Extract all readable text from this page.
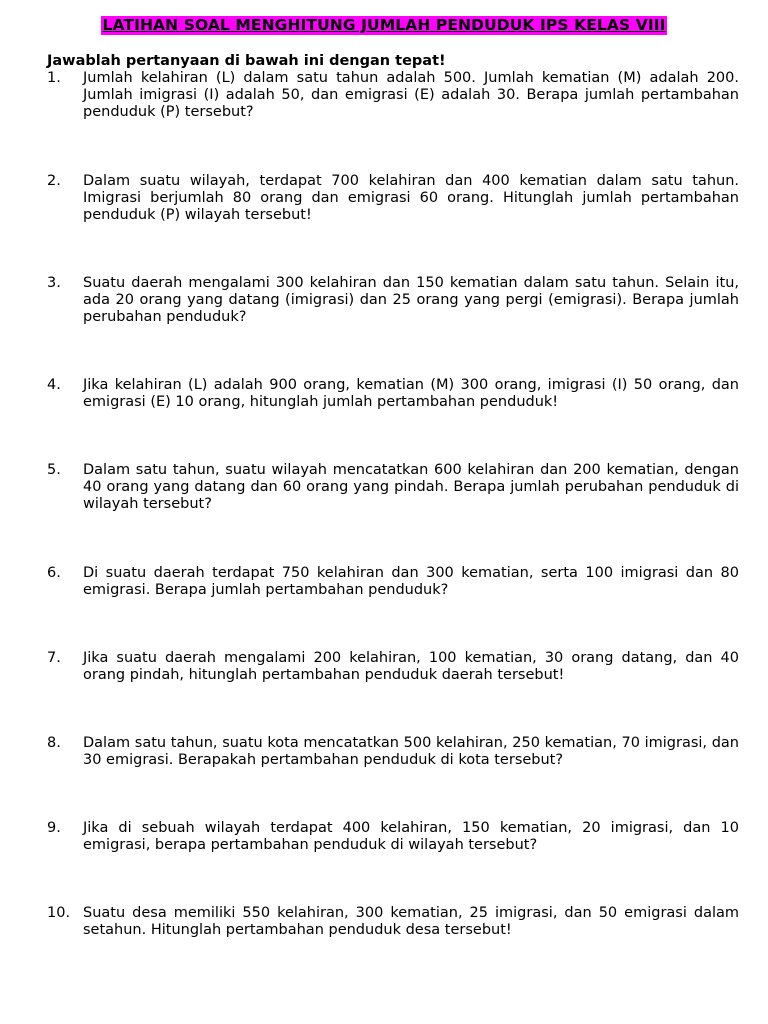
LATIHAN SOAL MENGHITUNG JUMLAH PENDUDUK IPS KELAS VIII
Jawablah pertanyaan di bawah ini dengan tepat!
1. Jumlah kelahiran (L) dalam satu tahun adalah 500. Jumlah kematian (M) adalah 200. Jumlah imigrasi (I) adalah 50, dan emigrasi (E) adalah 30. Berapa jumlah pertambahan penduduk (P) tersebut?
2. Dalam suatu wilayah, terdapat 700 kelahiran dan 400 kematian dalam satu tahun. Imigrasi berjumlah 80 orang dan emigrasi 60 orang. Hitunglah jumlah pertambahan penduduk (P) wilayah tersebut!
3. Suatu daerah mengalami 300 kelahiran dan 150 kematian dalam satu tahun. Selain itu, ada 20 orang yang datang (imigrasi) dan 25 orang yang pergi (emigrasi). Berapa jumlah perubahan penduduk?
4. Jika kelahiran (L) adalah 900 orang, kematian (M) 300 orang, imigrasi (I) 50 orang, dan emigrasi (E) 10 orang, hitunglah jumlah pertambahan penduduk!
5. Dalam satu tahun, suatu wilayah mencatatkan 600 kelahiran dan 200 kematian, dengan 40 orang yang datang dan 60 orang yang pindah. Berapa jumlah perubahan penduduk di wilayah tersebut?
6. Di suatu daerah terdapat 750 kelahiran dan 300 kematian, serta 100 imigrasi dan 80 emigrasi. Berapa jumlah pertambahan penduduk?
7. Jika suatu daerah mengalami 200 kelahiran, 100 kematian, 30 orang datang, dan 40 orang pindah, hitunglah pertambahan penduduk daerah tersebut!
8. Dalam satu tahun, suatu kota mencatatkan 500 kelahiran, 250 kematian, 70 imigrasi, dan 30 emigrasi. Berapakah pertambahan penduduk di kota tersebut?
9. Jika di sebuah wilayah terdapat 400 kelahiran, 150 kematian, 20 imigrasi, dan 10 emigrasi, berapa pertambahan penduduk di wilayah tersebut?
10. Suatu desa memiliki 550 kelahiran, 300 kematian, 25 imigrasi, dan 50 emigrasi dalam setahun. Hitunglah pertambahan penduduk desa tersebut!
